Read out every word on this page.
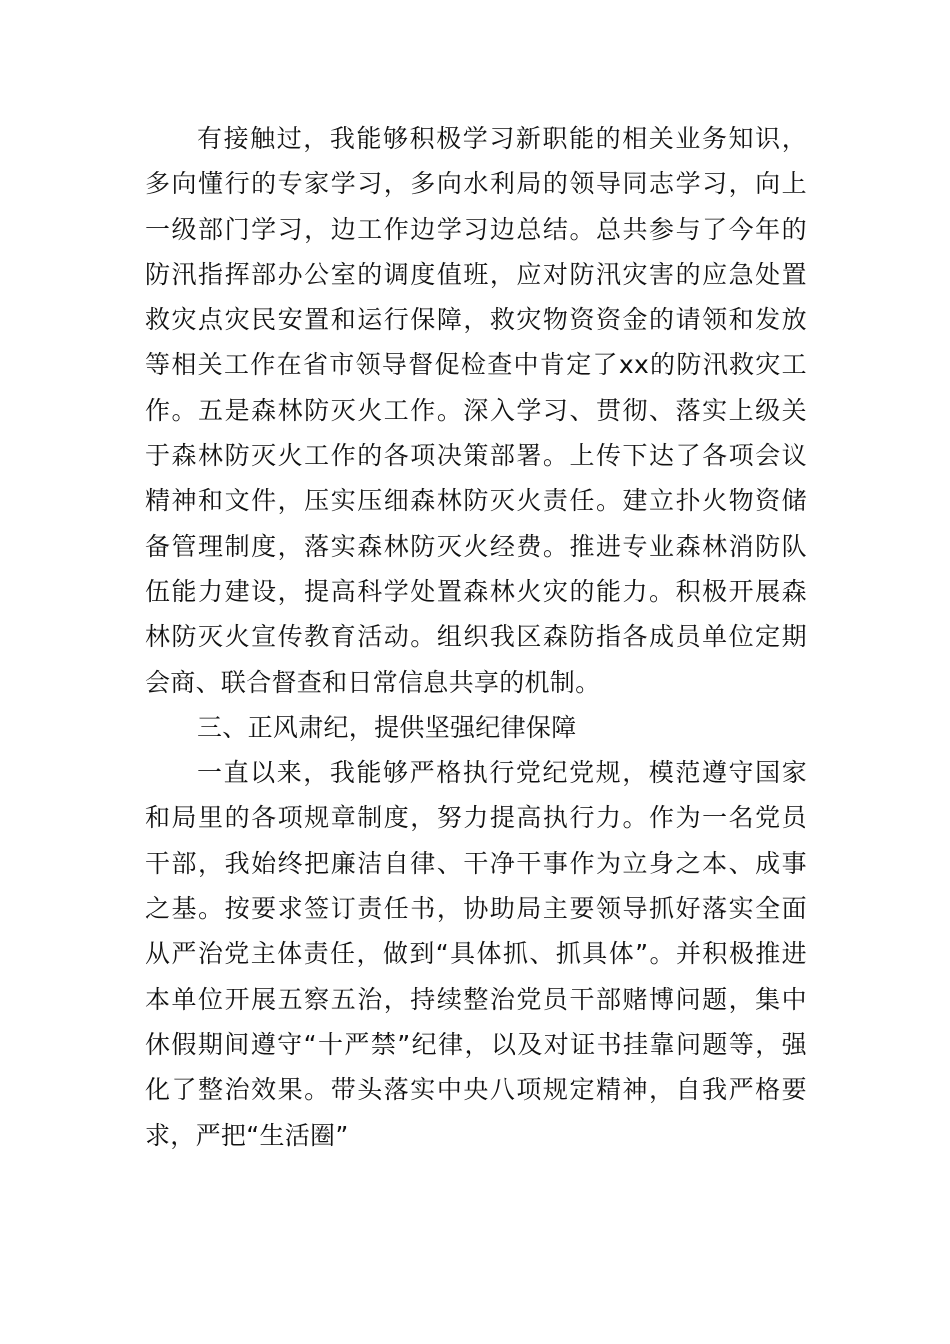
有接触过，我能够积极学习新职能的相关业务知识，
多向懂行的专家学习，多向水利局的领导同志学习，向上
一级部门学习，边工作边学习边总结。总共参与了今年的
防汛指挥部办公室的调度值班，应对防汛灾害的应急处置
救灾点灾民安置和运行保障，救灾物资资金的请领和发放
等相关工作在省市领导督促检查中肯定了xx的防汛救灾工
作。五是森林防灭火工作。深入学习、贯彻、落实上级关
于森林防灭火工作的各项决策部署。上传下达了各项会议
精神和文件，压实压细森林防灭火责任。建立扑火物资储
备管理制度，落实森林防灭火经费。推进专业森林消防队
伍能力建设，提高科学处置森林火灾的能力。积极开展森
林防灭火宣传教育活动。组织我区森防指各成员单位定期
会商、联合督查和日常信息共享的机制。
三、正风肃纪，提供坚强纪律保障
一直以来，我能够严格执行党纪党规，模范遵守国家
和局里的各项规章制度，努力提高执行力。作为一名党员
干部，我始终把廉洁自律、干净干事作为立身之本、成事
之基。按要求签订责任书，协助局主要领导抓好落实全面
从严治党主体责任，做到“具体抓、抓具体”。并积极推进
本单位开展五察五治，持续整治党员干部赌博问题，集中
休假期间遵守“十严禁”纪律，以及对证书挂靠问题等，强
化了整治效果。带头落实中央八项规定精神，自我严格要
求，严把“生活圈”
